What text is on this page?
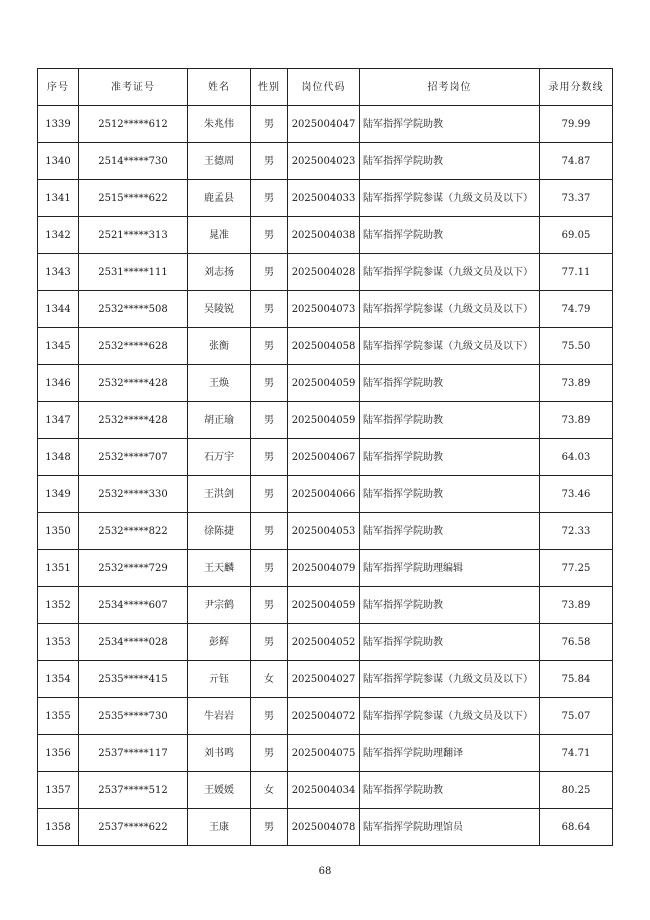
序号	准考证号	姓名	性别	岗位代码	招考岗位	录用分数线
1339	2512*****612	朱兆伟	男	2025004047	陆军指挥学院助教	79.99
1340	2514*****730	王德周	男	2025004023	陆军指挥学院助教	74.87
1341	2515*****622	鹿孟县	男	2025004033	陆军指挥学院参谋（九级文员及以下）	73.37
1342	2521*****313	晁准	男	2025004038	陆军指挥学院助教	69.05
1343	2531*****111	刘志扬	男	2025004028	陆军指挥学院参谋（九级文员及以下）	77.11
1344	2532*****508	吴陵锐	男	2025004073	陆军指挥学院参谋（九级文员及以下）	74.79
1345	2532*****628	张衡	男	2025004058	陆军指挥学院参谋（九级文员及以下）	75.50
1346	2532*****428	王焕	男	2025004059	陆军指挥学院助教	73.89
1347	2532*****428	胡正瑜	男	2025004059	陆军指挥学院助教	73.89
1348	2532*****707	石万宇	男	2025004067	陆军指挥学院助教	64.03
1349	2532*****330	王洪剑	男	2025004066	陆军指挥学院助教	73.46
1350	2532*****822	徐陈捷	男	2025004053	陆军指挥学院助教	72.33
1351	2532*****729	王天麟	男	2025004079	陆军指挥学院助理编辑	77.25
1352	2534*****607	尹宗鹤	男	2025004059	陆军指挥学院助教	73.89
1353	2534*****028	彭辉	男	2025004052	陆军指挥学院助教	76.58
1354	2535*****415	亓钰	女	2025004027	陆军指挥学院参谋（九级文员及以下）	75.84
1355	2535*****730	牛岩岩	男	2025004072	陆军指挥学院参谋（九级文员及以下）	75.07
1356	2537*****117	刘书鸣	男	2025004075	陆军指挥学院助理翻译	74.71
1357	2537*****512	王媛媛	女	2025004034	陆军指挥学院助教	80.25
1358	2537*****622	王康	男	2025004078	陆军指挥学院助理馆员	68.64
68
